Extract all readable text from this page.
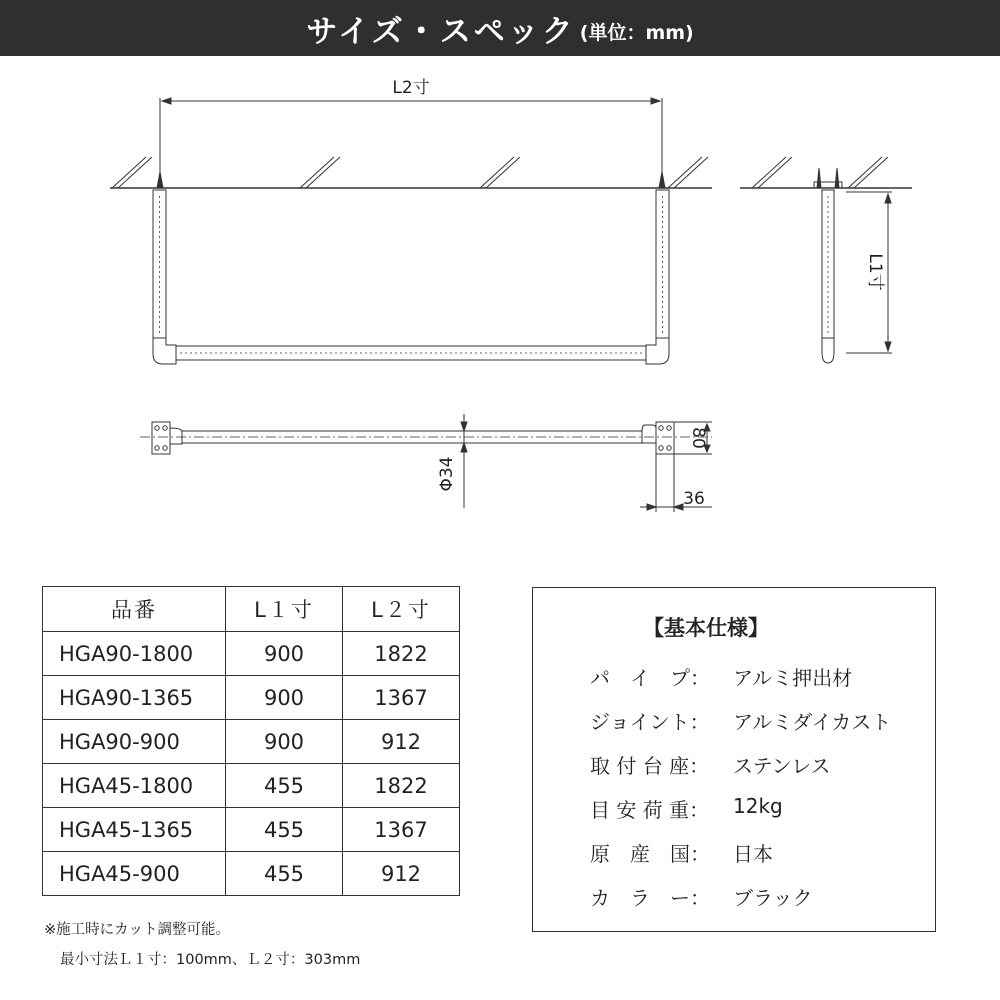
サイズ・スペック (単位：mm)
L2寸
L1寸
Φ34
80
36
品番	L１寸	L２寸
HGA90-1800	900	1822
HGA90-1365	900	1367
HGA90-900	900	912
HGA45-1800	455	1822
HGA45-1365	455	1367
HGA45-900	455	912
※施工時にカット調整可能。
最小寸法Ｌ１寸：100mm、Ｌ２寸：303mm
【基本仕様】
パ　イ　プ：	アルミ押出材
ジョイント：	アルミダイカスト
取 付 台 座：	ステンレス
目 安 荷 重：	12kg
原　産　国：	日本
カ　ラ　ー：	ブラック
